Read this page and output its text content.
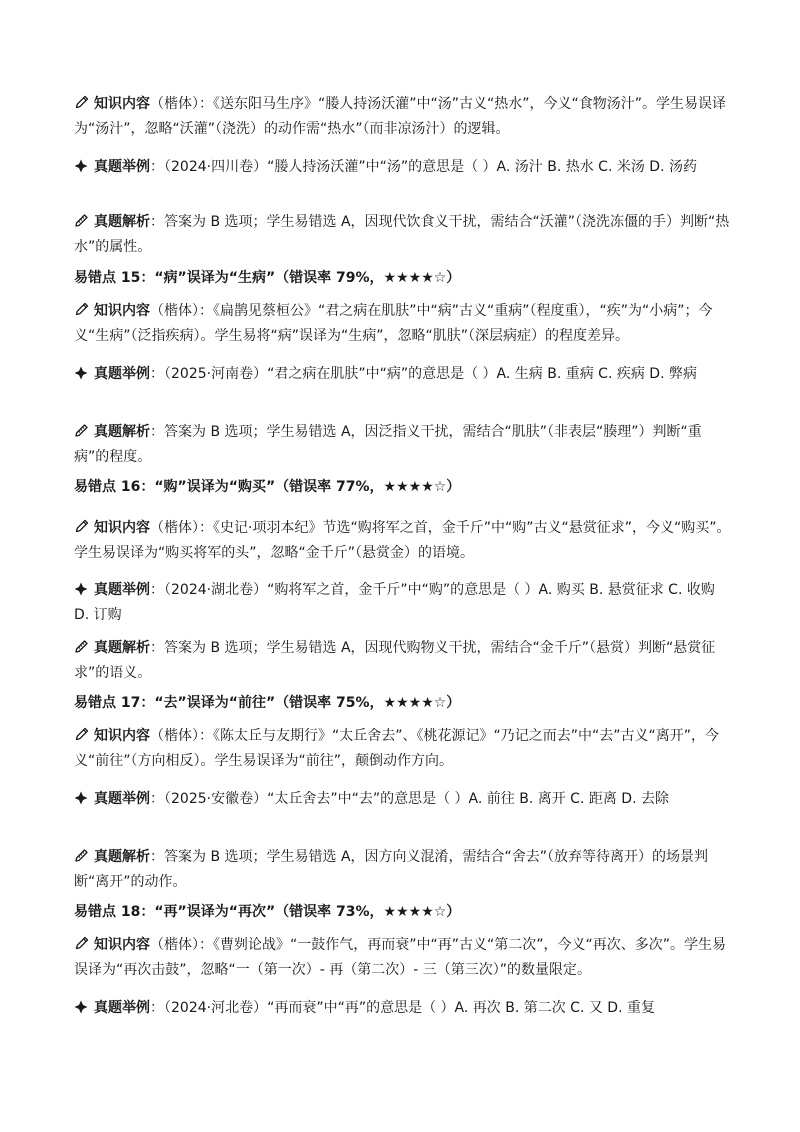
知识内容（楷体）：《送东阳马生序》“媵人持汤沃灌”中“汤”古义“热水”，今义“食物汤汁”。学生易误译为“汤汁”，忽略“沃灌”（浇洗）的动作需“热水”（而非凉汤汁）的逻辑。

真题举例：（2024·四川卷）“媵人持汤沃灌”中“汤”的意思是（ ）A. 汤汁 B. 热水 C. 米汤 D. 汤药

真题解析：答案为 B 选项；学生易错选 A，因现代饮食义干扰，需结合“沃灌”（浇洗冻僵的手）判断“热水”的属性。

易错点 15：“病”误译为“生病”（错误率 79%，★★★★☆）

知识内容（楷体）：《扁鹊见蔡桓公》“君之病在肌肤”中“病”古义“重病”（程度重），“疾”为“小病”；今义“生病”（泛指疾病）。学生易将“病”误译为“生病”，忽略“肌肤”（深层病症）的程度差异。

真题举例：（2025·河南卷）“君之病在肌肤”中“病”的意思是（ ）A. 生病 B. 重病 C. 疾病 D. 弊病

真题解析：答案为 B 选项；学生易错选 A，因泛指义干扰，需结合“肌肤”（非表层“腠理”）判断“重病”的程度。

易错点 16：“购”误译为“购买”（错误率 77%，★★★★☆）

知识内容（楷体）：《史记·项羽本纪》节选“购将军之首，金千斤”中“购”古义“悬赏征求”，今义“购买”。学生易误译为“购买将军的头”，忽略“金千斤”（悬赏金）的语境。

真题举例：（2024·湖北卷）“购将军之首，金千斤”中“购”的意思是（ ）A. 购买 B. 悬赏征求 C. 收购 D. 订购

真题解析：答案为 B 选项；学生易错选 A，因现代购物义干扰，需结合“金千斤”（悬赏）判断“悬赏征求”的语义。

易错点 17：“去”误译为“前往”（错误率 75%，★★★★☆）

知识内容（楷体）：《陈太丘与友期行》“太丘舍去”、《桃花源记》“乃记之而去”中“去”古义“离开”，今义“前往”（方向相反）。学生易误译为“前往”，颠倒动作方向。

真题举例：（2025·安徽卷）“太丘舍去”中“去”的意思是（ ）A. 前往 B. 离开 C. 距离 D. 去除

真题解析：答案为 B 选项；学生易错选 A，因方向义混淆，需结合“舍去”（放弃等待离开）的场景判断“离开”的动作。

易错点 18：“再”误译为“再次”（错误率 73%，★★★★☆）

知识内容（楷体）：《曹刿论战》“一鼓作气，再而衰”中“再”古义“第二次”，今义“再次、多次”。学生易误译为“再次击鼓”，忽略“一（第一次）- 再（第二次）- 三（第三次）”的数量限定。

真题举例：（2024·河北卷）“再而衰”中“再”的意思是（ ）A. 再次 B. 第二次 C. 又 D. 重复
